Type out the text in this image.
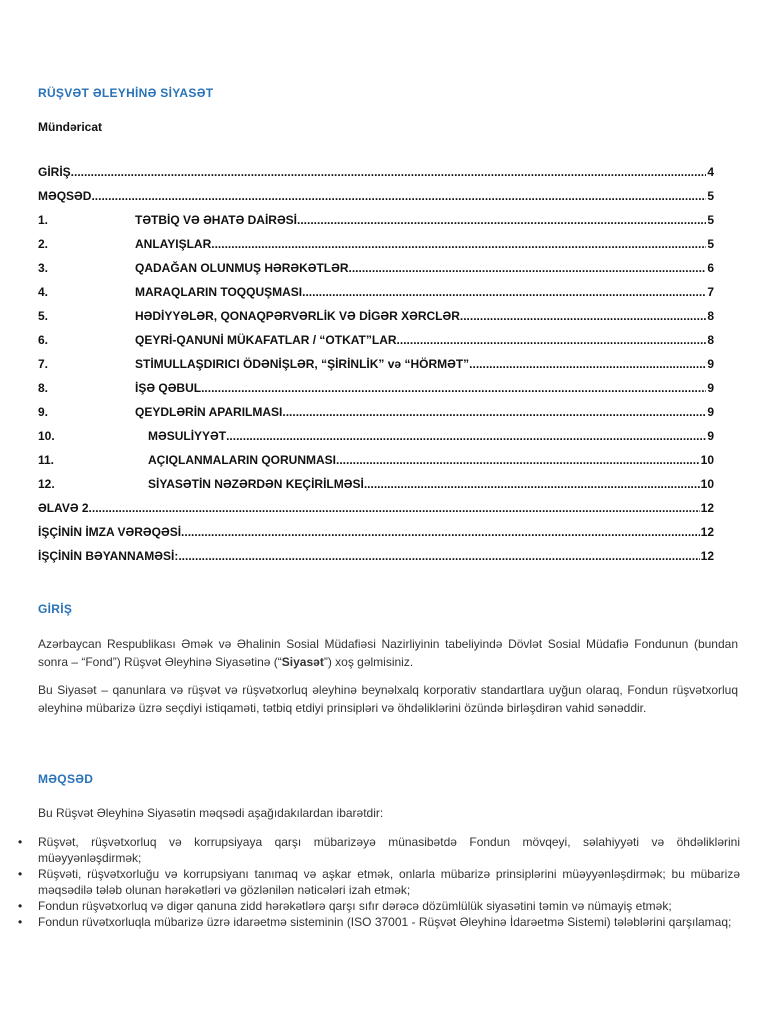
RÜŞVƏT ƏLEYHİNƏ SİYASƏT
Mündəricat
GİRİŞ .....	4
MƏQSƏD .....	5
1.	TƏTBİQ VƏ ƏHATƏ DAİRƏSİ .....	5
2.	ANLAYIŞLAR .....	5
3.	QADAĞAN OLUNMUŞ HƏRƏKƏTLƏR .....	6
4.	MARAQLARIN TOQQUŞMASI .....	7
5.	HƏDİYYƏLƏR, QONAQPƏRVƏRLİK VƏ DİGƏR XƏRCLƏR .....	8
6.	QEYRİ-QANUNİ MÜKAFATLAR / “OTKAT”LAR .....	8
7.	STİMULLAŞDIRICI ÖDƏNİŞLƏR, “ŞİRİNLİK” və “HÖRMƏT” .....	9
8.	İŞƏ QƏBUL .....	9
9.	QEYDLƏRİN APARILMASI .....	9
10.	MƏSULİYYƏT .....	9
11.	AÇIQLANMALARIN QORUNMASI .....	10
12.	SİYASƏTİN NƏZƏRDƏN KEÇİRİLMƏSİ .....	10
ƏLAVƏ 2 .....	12
İŞÇİNİN İMZA VƏRƏQƏSİ .....	12
İŞÇİNİN BƏYANNAMƏSİ: .....	12
GİRİŞ
Azərbaycan Respublikası Əmək və Əhalinin Sosial Müdafiəsi Nazirliyinin tabeliyində Dövlət Sosial Müdafiə Fondunun (bundan sonra – “Fond”) Rüşvət Əleyhinə Siyasətinə (“Siyasət”) xoş gəlmisiniz.
Bu Siyasət – qanunlara və rüşvət və rüşvətxorluq əleyhinə beynəlxalq korporativ standartlara uyğun olaraq, Fondun rüşvətxorluq əleyhinə mübarizə üzrə seçdiyi istiqaməti, tətbiq etdiyi prinsipləri və öhdəliklərini özündə birləşdirən vahid sənəddir.
MƏQSƏD
Bu Rüşvət Əleyhinə Siyasətin məqsədi aşağıdakılardan ibarətdir:
• Rüşvət, rüşvətxorluq və korrupsiyaya qarşı mübarizəyə münasibətdə Fondun mövqeyi, səlahiyyəti və öhdəliklərini müəyyənləşdirmək;
• Rüşvəti, rüşvətxorluğu və korrupsiyanı tanımaq və aşkar etmək, onlarla mübarizə prinsiplərini müəyyənləşdirmək; bu mübarizə məqsədilə tələb olunan hərəkətləri və gözlənilən nəticələri izah etmək;
• Fondun rüşvətxorluq və digər qanuna zidd hərəkətlərə qarşı sıfır dərəcə dözümlülük siyasətini təmin və nümayiş etmək;
• Fondun rüvətxorluqla mübarizə üzrə idarəetmə sisteminin (ISO 37001 - Rüşvət Əleyhinə İdarəetmə Sistemi) tələblərini qarşılamaq;
